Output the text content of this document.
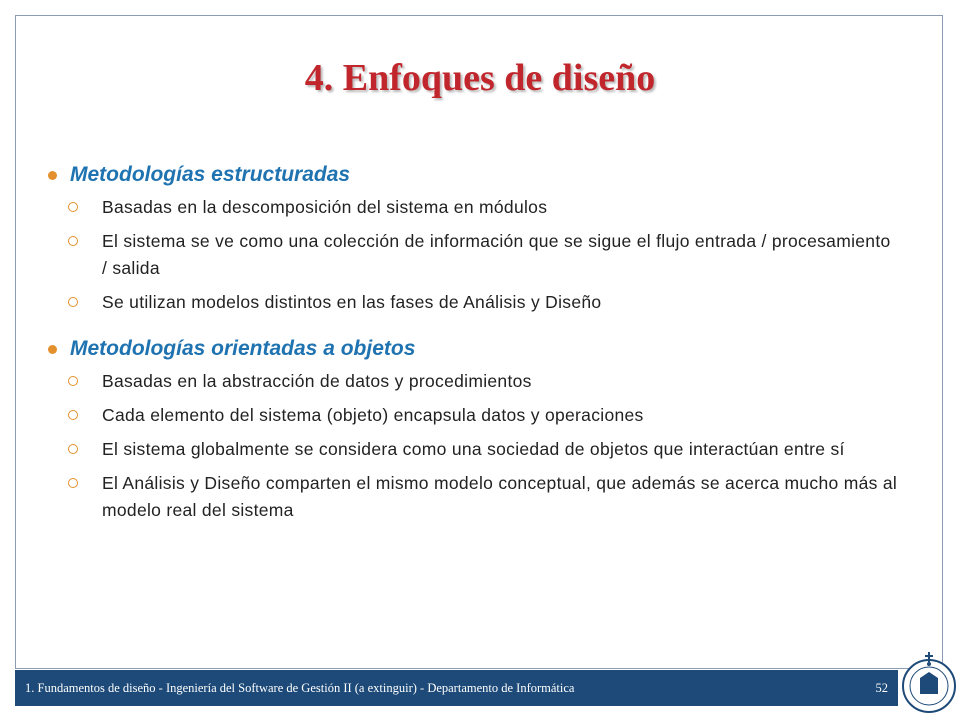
4. Enfoques de diseño
Metodologías estructuradas
Basadas en la descomposición del sistema en módulos
El sistema se ve como una colección de información que se sigue el flujo entrada / procesamiento / salida
Se utilizan modelos distintos en las fases de Análisis y Diseño
Metodologías orientadas a objetos
Basadas en la abstracción de datos y procedimientos
Cada elemento del sistema (objeto) encapsula datos y operaciones
El sistema globalmente se considera como una sociedad de objetos que interactúan entre sí
El Análisis y Diseño comparten el mismo modelo conceptual, que además se acerca mucho más al modelo real del sistema
1. Fundamentos de diseño - Ingeniería del Software de Gestión II (a extinguir) - Departamento de Informática	52
